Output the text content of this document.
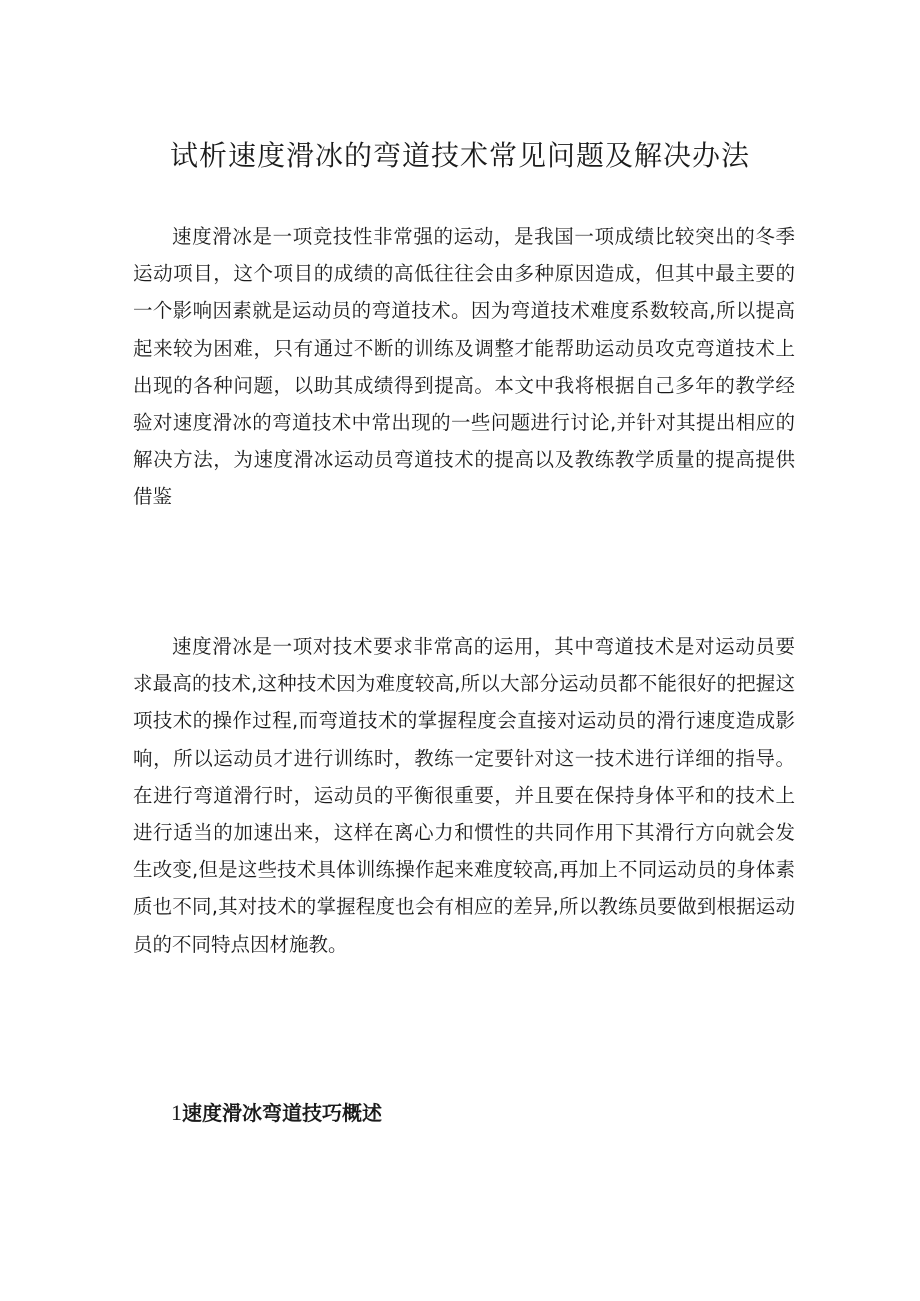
试析速度滑冰的弯道技术常见问题及解决办法

速度滑冰是一项竞技性非常强的运动，是我国一项成绩比较突出的冬季运动项目，这个项目的成绩的高低往往会由多种原因造成，但其中最主要的一个影响因素就是运动员的弯道技术。因为弯道技术难度系数较高,所以提高起来较为困难，只有通过不断的训练及调整才能帮助运动员攻克弯道技术上出现的各种问题，以助其成绩得到提高。本文中我将根据自己多年的教学经验对速度滑冰的弯道技术中常出现的一些问题进行讨论,并针对其提出相应的解决方法，为速度滑冰运动员弯道技术的提高以及教练教学质量的提高提供借鉴

速度滑冰是一项对技术要求非常高的运用，其中弯道技术是对运动员要求最高的技术,这种技术因为难度较高,所以大部分运动员都不能很好的把握这项技术的操作过程,而弯道技术的掌握程度会直接对运动员的滑行速度造成影响，所以运动员才进行训练时，教练一定要针对这一技术进行详细的指导。在进行弯道滑行时，运动员的平衡很重要，并且要在保持身体平和的技术上进行适当的加速出来，这样在离心力和惯性的共同作用下其滑行方向就会发生改变,但是这些技术具体训练操作起来难度较高,再加上不同运动员的身体素质也不同,其对技术的掌握程度也会有相应的差异,所以教练员要做到根据运动员的不同特点因材施教。

1速度滑冰弯道技巧概述
